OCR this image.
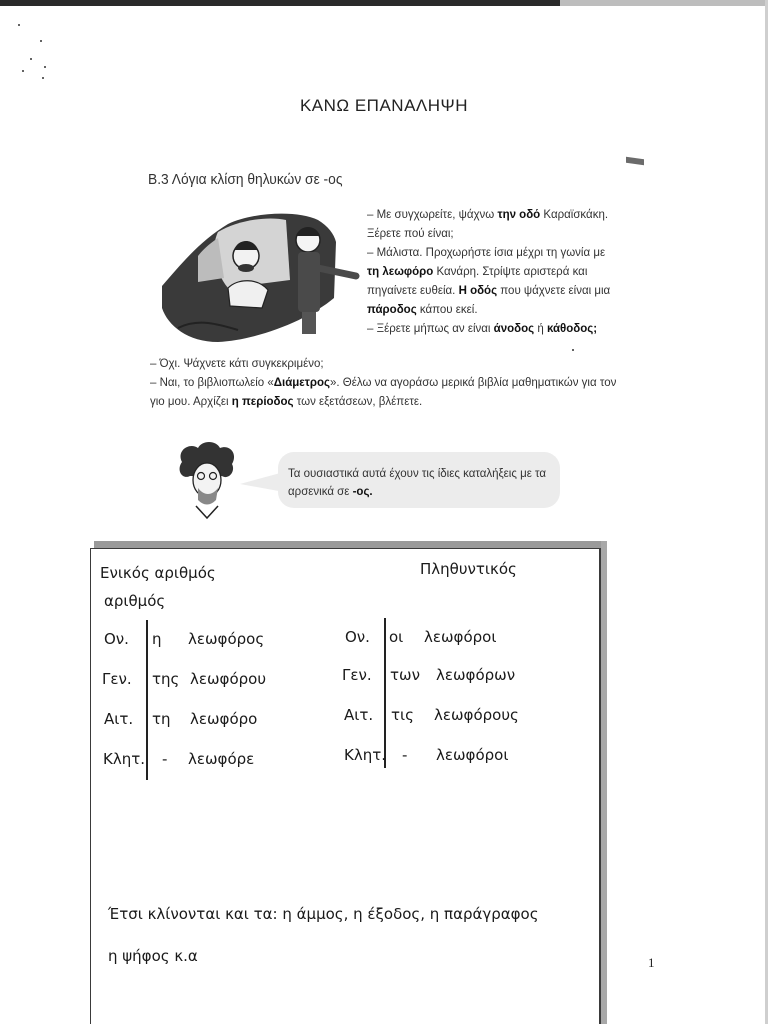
ΚΑΝΩ ΕΠΑΝΑΛΗΨΗ
Β.3 Λόγια κλίση θηλυκών σε -ος

– Με συγχωρείτε, ψάχνω την οδό Καραϊσκάκη.

Ξέρετε πού είναι;

– Μάλιστα. Προχωρήστε ίσια μέχρι τη γωνία με

τη λεωφόρο Κανάρη. Στρίψτε αριστερά και

πηγαίνετε ευθεία. Η οδός που ψάχνετε είναι μια

πάροδος κάπου εκεί.

– Ξέρετε μήπως αν είναι άνοδος ή κάθοδος;

– Όχι. Ψάχνετε κάτι συγκεκριμένο;

– Ναι, το βιβλιοπωλείο «Διάμετρος». Θέλω να αγοράσω μερικά βιβλία μαθηματικών για τον

γιο μου. Αρχίζει η περίοδος των εξετάσεων, βλέπετε.

Τα ουσιαστικά αυτά έχουν τις ίδιες καταλήξεις με τα
αρσενικά σε -ος.
Ενικός αριθμός
αριθμός
Πληθυντικός
Ον. η λεωφόρος
Γεν. της λεωφόρου
Αιτ. τη λεωφόρο
Κλητ. - λεωφόρε
Ον. οι λεωφόροι
Γεν. των λεωφόρων
Αιτ. τις λεωφόρους
Κλητ. - λεωφόροι
Έτσι κλίνονται και τα: η άμμος, η έξοδος, η παράγραφος
η ψήφος κ.α	1
